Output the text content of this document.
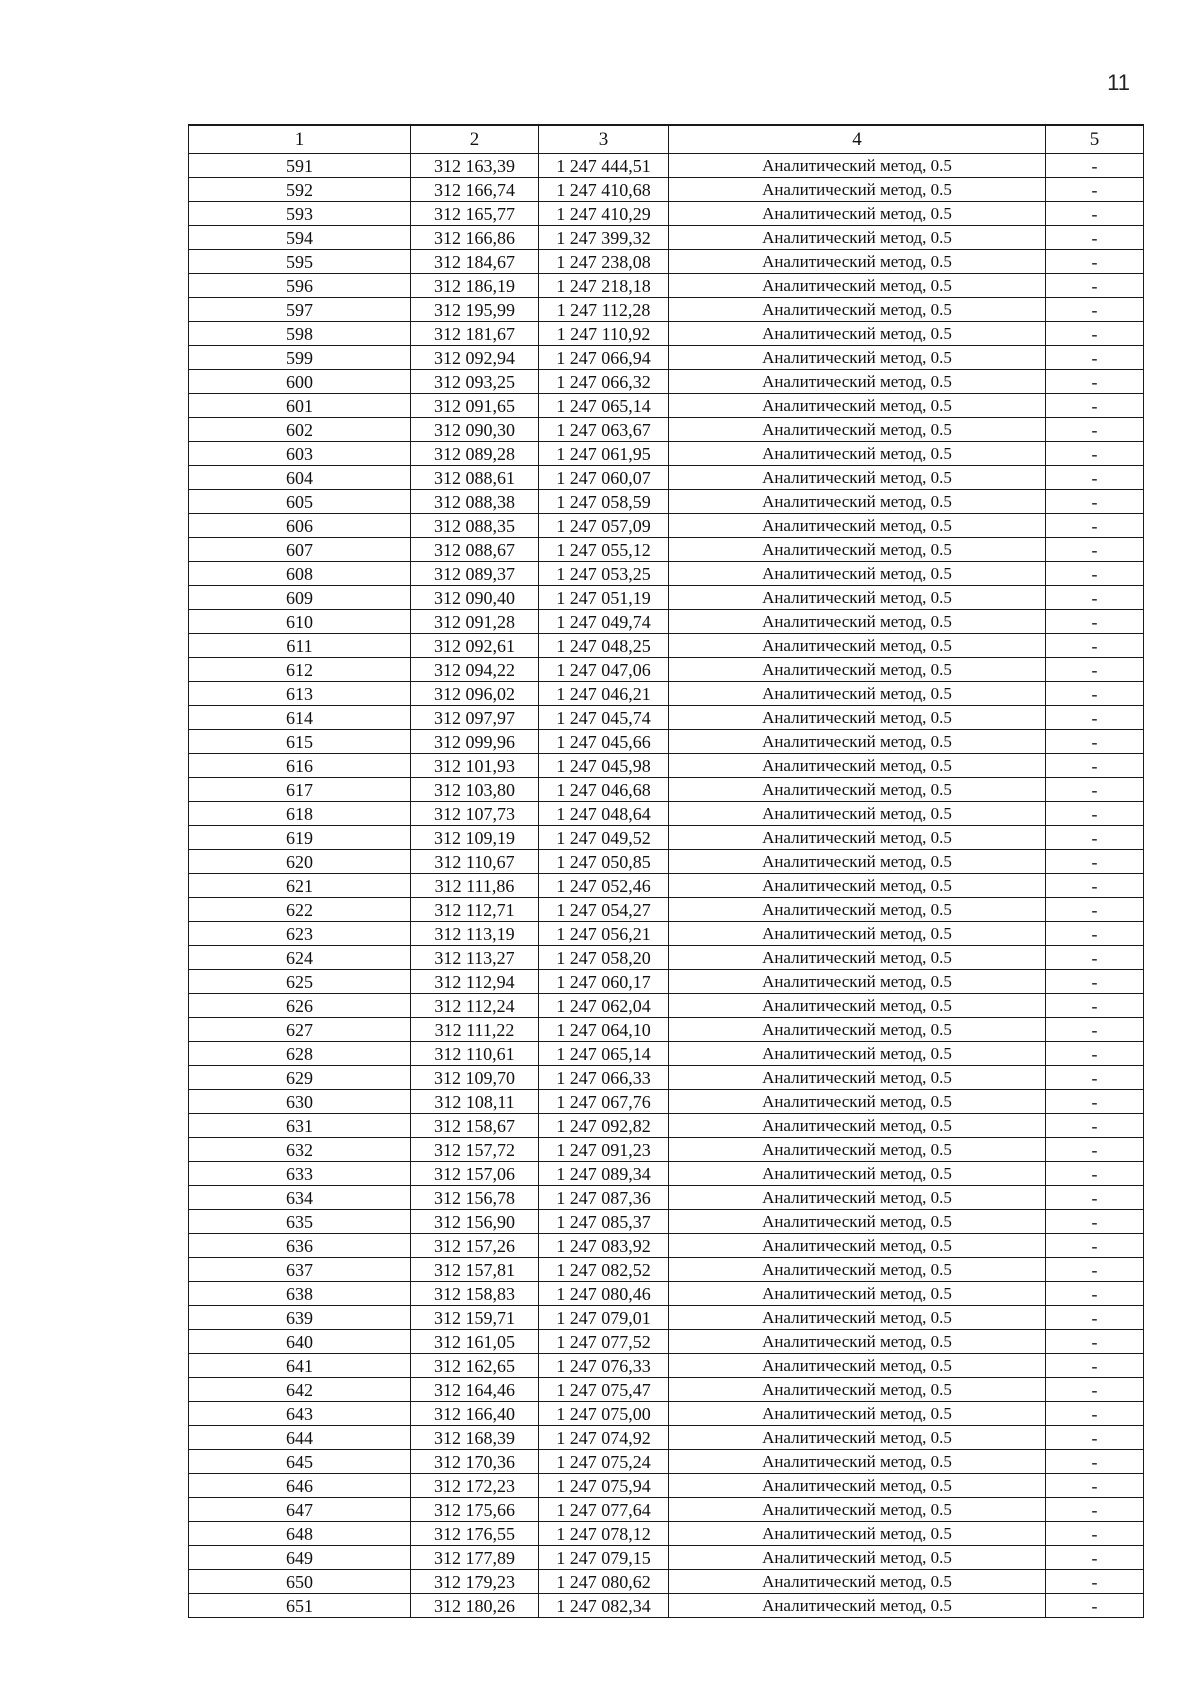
11
1	2	3	4	5
591	312 163,39	1 247 444,51	Аналитический метод, 0.5	-
592	312 166,74	1 247 410,68	Аналитический метод, 0.5	-
593	312 165,77	1 247 410,29	Аналитический метод, 0.5	-
594	312 166,86	1 247 399,32	Аналитический метод, 0.5	-
595	312 184,67	1 247 238,08	Аналитический метод, 0.5	-
596	312 186,19	1 247 218,18	Аналитический метод, 0.5	-
597	312 195,99	1 247 112,28	Аналитический метод, 0.5	-
598	312 181,67	1 247 110,92	Аналитический метод, 0.5	-
599	312 092,94	1 247 066,94	Аналитический метод, 0.5	-
600	312 093,25	1 247 066,32	Аналитический метод, 0.5	-
601	312 091,65	1 247 065,14	Аналитический метод, 0.5	-
602	312 090,30	1 247 063,67	Аналитический метод, 0.5	-
603	312 089,28	1 247 061,95	Аналитический метод, 0.5	-
604	312 088,61	1 247 060,07	Аналитический метод, 0.5	-
605	312 088,38	1 247 058,59	Аналитический метод, 0.5	-
606	312 088,35	1 247 057,09	Аналитический метод, 0.5	-
607	312 088,67	1 247 055,12	Аналитический метод, 0.5	-
608	312 089,37	1 247 053,25	Аналитический метод, 0.5	-
609	312 090,40	1 247 051,19	Аналитический метод, 0.5	-
610	312 091,28	1 247 049,74	Аналитический метод, 0.5	-
611	312 092,61	1 247 048,25	Аналитический метод, 0.5	-
612	312 094,22	1 247 047,06	Аналитический метод, 0.5	-
613	312 096,02	1 247 046,21	Аналитический метод, 0.5	-
614	312 097,97	1 247 045,74	Аналитический метод, 0.5	-
615	312 099,96	1 247 045,66	Аналитический метод, 0.5	-
616	312 101,93	1 247 045,98	Аналитический метод, 0.5	-
617	312 103,80	1 247 046,68	Аналитический метод, 0.5	-
618	312 107,73	1 247 048,64	Аналитический метод, 0.5	-
619	312 109,19	1 247 049,52	Аналитический метод, 0.5	-
620	312 110,67	1 247 050,85	Аналитический метод, 0.5	-
621	312 111,86	1 247 052,46	Аналитический метод, 0.5	-
622	312 112,71	1 247 054,27	Аналитический метод, 0.5	-
623	312 113,19	1 247 056,21	Аналитический метод, 0.5	-
624	312 113,27	1 247 058,20	Аналитический метод, 0.5	-
625	312 112,94	1 247 060,17	Аналитический метод, 0.5	-
626	312 112,24	1 247 062,04	Аналитический метод, 0.5	-
627	312 111,22	1 247 064,10	Аналитический метод, 0.5	-
628	312 110,61	1 247 065,14	Аналитический метод, 0.5	-
629	312 109,70	1 247 066,33	Аналитический метод, 0.5	-
630	312 108,11	1 247 067,76	Аналитический метод, 0.5	-
631	312 158,67	1 247 092,82	Аналитический метод, 0.5	-
632	312 157,72	1 247 091,23	Аналитический метод, 0.5	-
633	312 157,06	1 247 089,34	Аналитический метод, 0.5	-
634	312 156,78	1 247 087,36	Аналитический метод, 0.5	-
635	312 156,90	1 247 085,37	Аналитический метод, 0.5	-
636	312 157,26	1 247 083,92	Аналитический метод, 0.5	-
637	312 157,81	1 247 082,52	Аналитический метод, 0.5	-
638	312 158,83	1 247 080,46	Аналитический метод, 0.5	-
639	312 159,71	1 247 079,01	Аналитический метод, 0.5	-
640	312 161,05	1 247 077,52	Аналитический метод, 0.5	-
641	312 162,65	1 247 076,33	Аналитический метод, 0.5	-
642	312 164,46	1 247 075,47	Аналитический метод, 0.5	-
643	312 166,40	1 247 075,00	Аналитический метод, 0.5	-
644	312 168,39	1 247 074,92	Аналитический метод, 0.5	-
645	312 170,36	1 247 075,24	Аналитический метод, 0.5	-
646	312 172,23	1 247 075,94	Аналитический метод, 0.5	-
647	312 175,66	1 247 077,64	Аналитический метод, 0.5	-
648	312 176,55	1 247 078,12	Аналитический метод, 0.5	-
649	312 177,89	1 247 079,15	Аналитический метод, 0.5	-
650	312 179,23	1 247 080,62	Аналитический метод, 0.5	-
651	312 180,26	1 247 082,34	Аналитический метод, 0.5	-
